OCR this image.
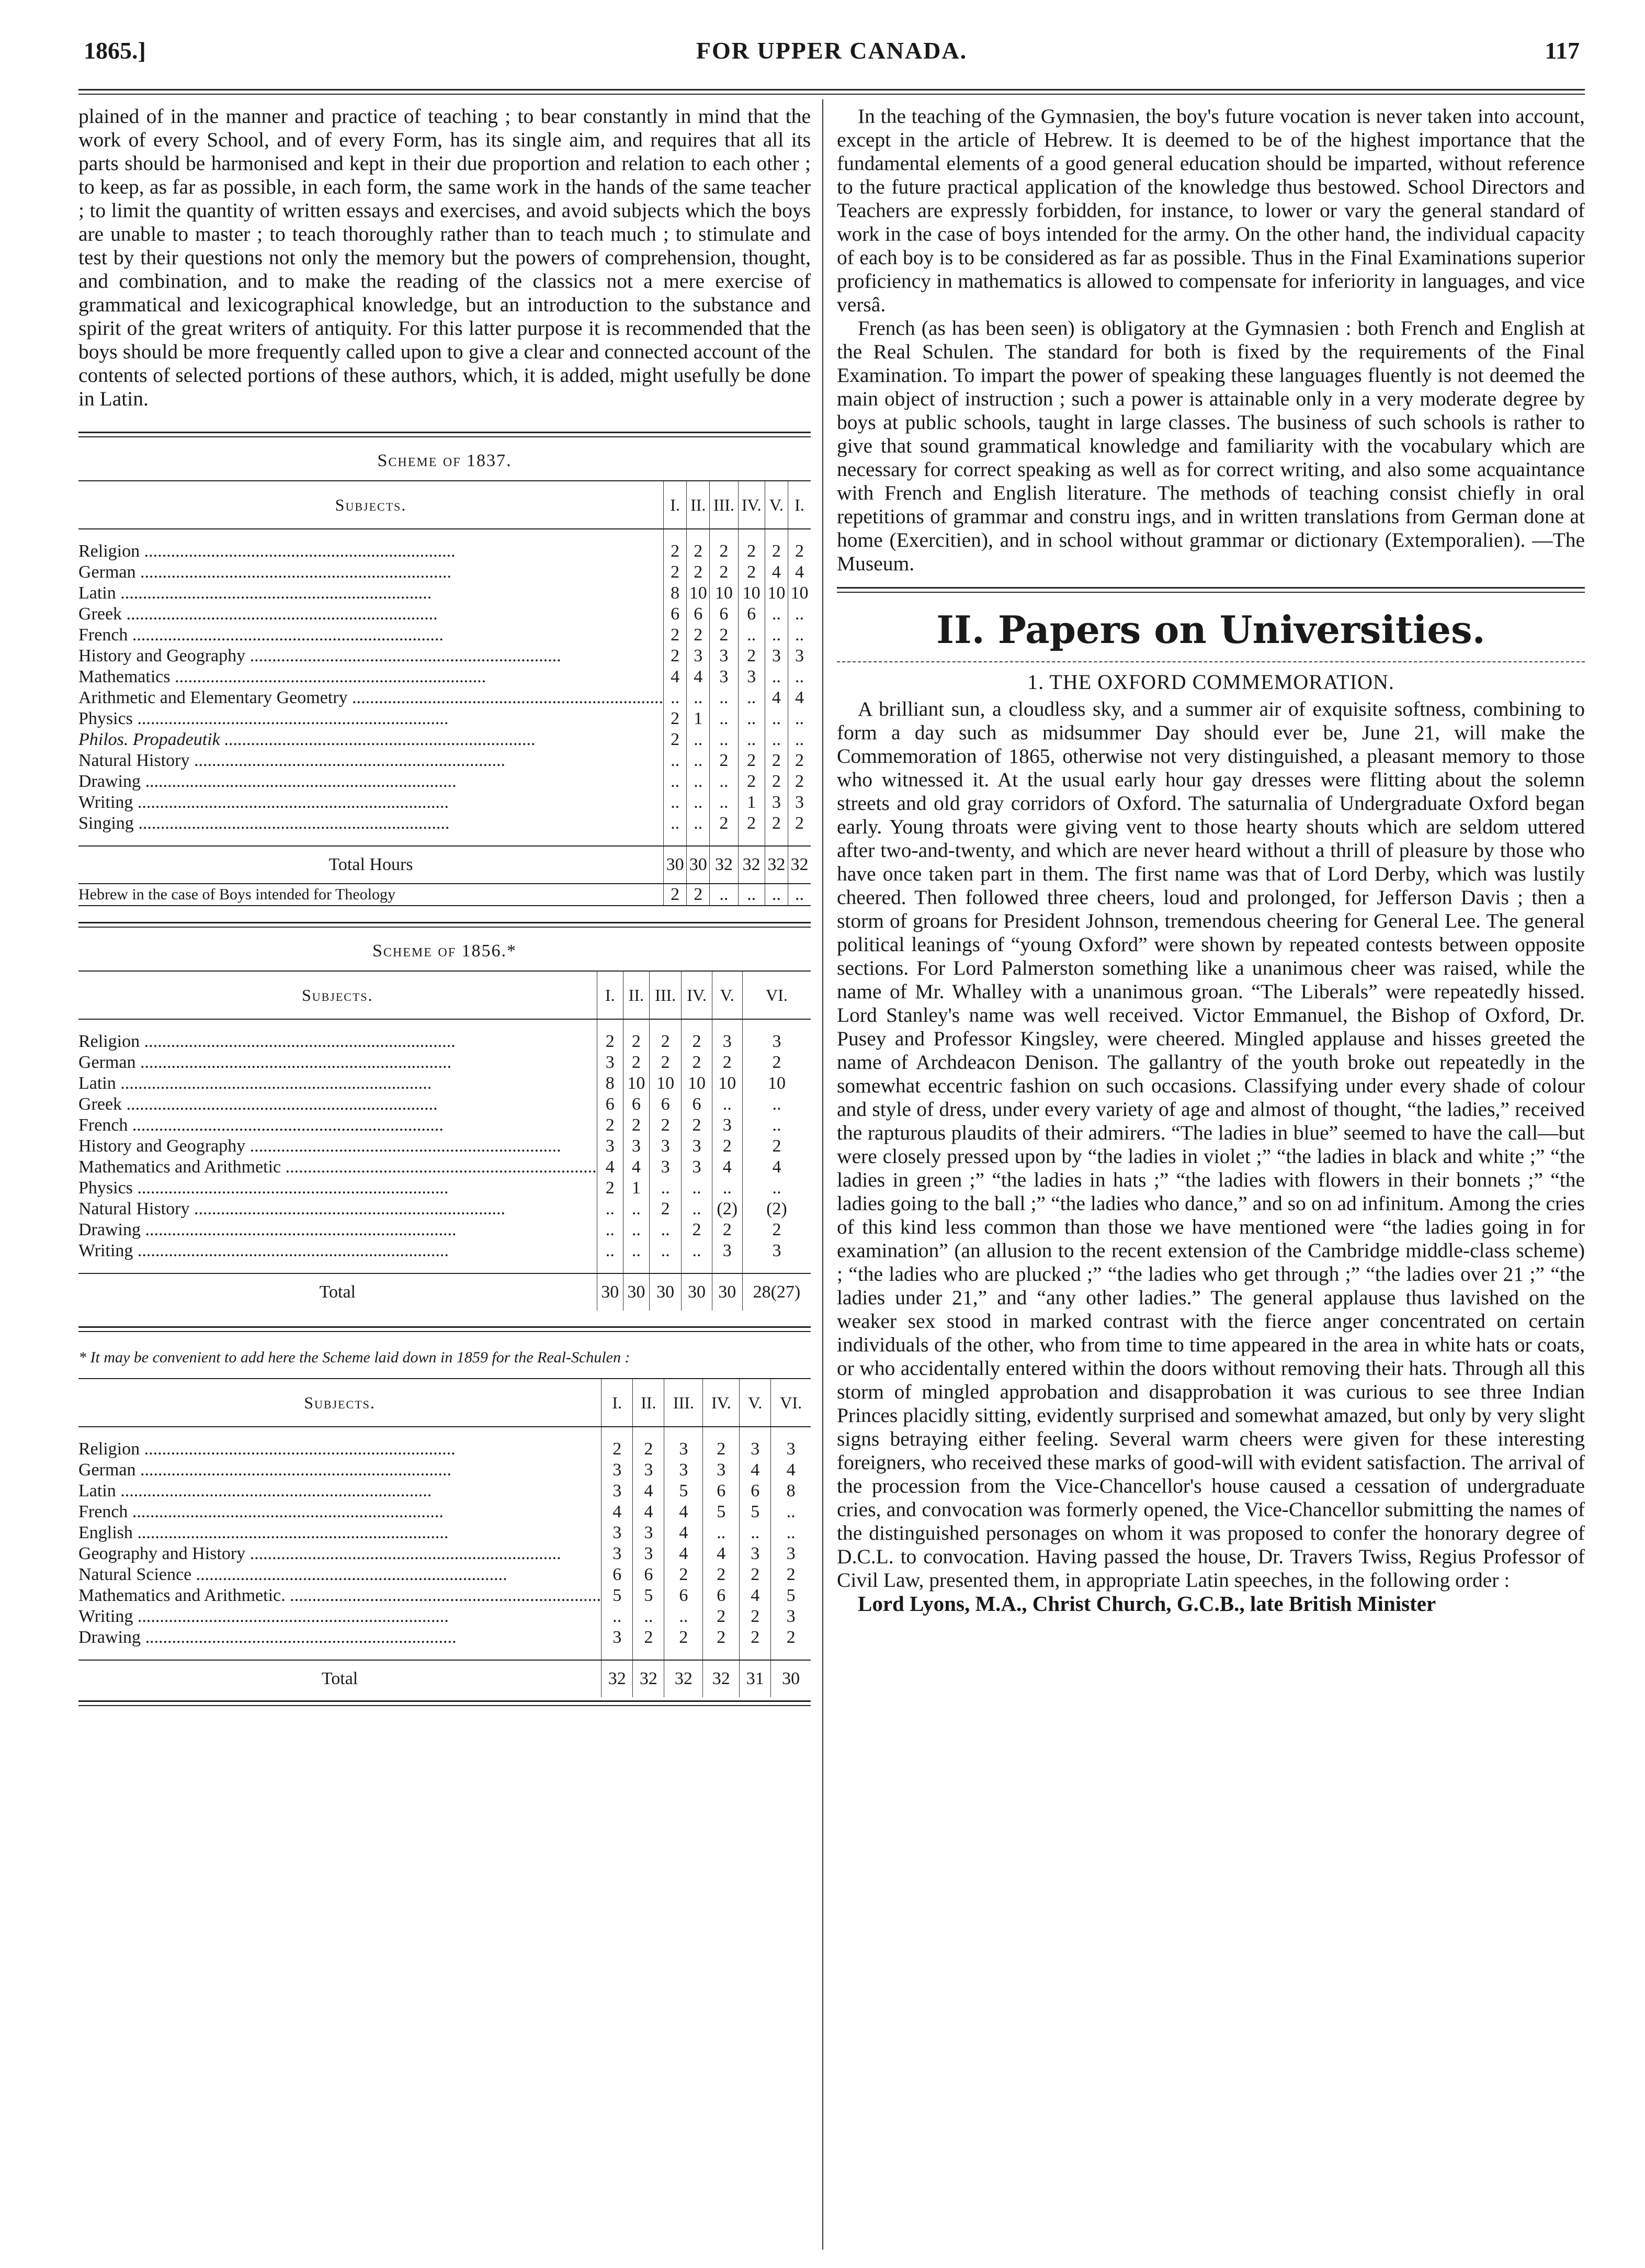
1865.]	FOR UPPER CANADA.	117

plained of in the manner and practice of teaching ; to bear constantly in mind that the work of every School, and of every Form, has its single aim, and requires that all its parts should be harmonised and kept in their due proportion and relation to each other ; to keep, as far as possible, in each form, the same work in the hands of the same teacher ; to limit the quantity of written essays and exercises, and avoid subjects which the boys are unable to master ; to teach thoroughly rather than to teach much ; to stimulate and test by their questions not only the memory but the powers of comprehension, thought, and combination, and to make the reading of the classics not a mere exercise of grammatical and lexicographical knowledge, but an introduction to the substance and spirit of the great writers of antiquity. For this latter purpose it is recommended that the boys should be more frequently called upon to give a clear and connected account of the contents of selected portions of these authors, which, it is added, might usefully be done in Latin.

Scheme of 1837.
Subjects.	I.	II.	III.	IV.	V.	I.

Religion .....	2	2	2	2	2	2
German .....	2	2	2	2	4	4
Latin .....	8	10	10	10	10	10
Greek .....	6	6	6	6	..	..
French .....	2	2	2	..	..	..
History and Geography .....	2	3	3	2	3	3
Mathematics .....	4	4	3	3	..	..
Arithmetic and Elementary Geometry .....	..	..	..	..	4	4
Physics .....	2	1	..	..	..	..
Philos. Propadeutik .....	2	..	..	..	..	..
Natural History .....	..	..	2	2	2	2
Drawing .....	..	..	..	2	2	2
Writing .....	..	..	..	1	3	3
Singing .....	..	..	2	2	2	2

Total Hours	30	30	32	32	32	32
Hebrew in the case of Boys intended for Theology	2	2	..	..	..	..
Scheme of 1856.*
Subjects.	I.	II.	III.	IV.	V.	VI.

Religion .....	2	2	2	2	3	3
German .....	3	2	2	2	2	2
Latin .....	8	10	10	10	10	10
Greek .....	6	6	6	6	..	..
French .....	2	2	2	2	3	..
History and Geography .....	3	3	3	3	2	2
Mathematics and Arithmetic .....	4	4	3	3	4	4
Physics .....	2	1	..	..	..	..
Natural History .....	..	..	2	..	(2)	(2)
Drawing .....	..	..	..	2	2	2
Writing .....	..	..	..	..	3	3

Total	30	30	30	30	30	28(27)
* It may be convenient to add here the Scheme laid down in 1859 for the Real-Schulen :
Subjects.	I.	II.	III.	IV.	V.	VI.

Religion .....	2	2	3	2	3	3
German .....	3	3	3	3	4	4
Latin .....	3	4	5	6	6	8
French .....	4	4	4	5	5	..
English .....	3	3	4	..	..	..
Geography and History .....	3	3	4	4	3	3
Natural Science .....	6	6	2	2	2	2
Mathematics and Arithmetic. .....	5	5	6	6	4	5
Writing .....	..	..	..	2	2	3
Drawing .....	3	2	2	2	2	2

Total	32	32	32	32	31	30

In the teaching of the Gymnasien, the boy's future vocation is never taken into account, except in the article of Hebrew. It is deemed to be of the highest importance that the fundamental elements of a good general education should be imparted, without reference to the future practical application of the knowledge thus bestowed. School Directors and Teachers are expressly forbidden, for instance, to lower or vary the general standard of work in the case of boys intended for the army. On the other hand, the individual capacity of each boy is to be considered as far as possible. Thus in the Final Examinations superior proficiency in mathematics is allowed to compensate for inferiority in languages, and vice versâ.

French (as has been seen) is obligatory at the Gymnasien : both French and English at the Real Schulen. The standard for both is fixed by the requirements of the Final Examination. To impart the power of speaking these languages fluently is not deemed the main object of instruction ; such a power is attainable only in a very moderate degree by boys at public schools, taught in large classes. The business of such schools is rather to give that sound grammatical knowledge and familiarity with the vocabulary which are necessary for correct speaking as well as for correct writing, and also some acquaintance with French and English literature. The methods of teaching consist chiefly in oral repetitions of grammar and constru ings, and in written translations from German done at home (Exercitien), and in school without grammar or dictionary (Extemporalien). —The Museum.

II. Papers on Universities.
1. THE OXFORD COMMEMORATION.

A brilliant sun, a cloudless sky, and a summer air of exquisite softness, combining to form a day such as midsummer Day should ever be, June 21, will make the Commemoration of 1865, otherwise not very distinguished, a pleasant memory to those who witnessed it. At the usual early hour gay dresses were flitting about the solemn streets and old gray corridors of Oxford. The saturnalia of Undergraduate Oxford began early. Young throats were giving vent to those hearty shouts which are seldom uttered after two-and-twenty, and which are never heard without a thrill of pleasure by those who have once taken part in them. The first name was that of Lord Derby, which was lustily cheered. Then followed three cheers, loud and prolonged, for Jefferson Davis ; then a storm of groans for President Johnson, tremendous cheering for General Lee. The general political leanings of “young Oxford” were shown by repeated contests between opposite sections. For Lord Palmerston something like a unanimous cheer was raised, while the name of Mr. Whalley with a unanimous groan. “The Liberals” were repeatedly hissed. Lord Stanley's name was well received. Victor Emmanuel, the Bishop of Oxford, Dr. Pusey and Professor Kingsley, were cheered. Mingled applause and hisses greeted the name of Archdeacon Denison. The gallantry of the youth broke out repeatedly in the somewhat eccentric fashion on such occasions. Classifying under every shade of colour and style of dress, under every variety of age and almost of thought, “the ladies,” received the rapturous plaudits of their admirers. “The ladies in blue” seemed to have the call—but were closely pressed upon by “the ladies in violet ;” “the ladies in black and white ;” “the ladies in green ;” “the ladies in hats ;” “the ladies with flowers in their bonnets ;” “the ladies going to the ball ;” “the ladies who dance,” and so on ad infinitum. Among the cries of this kind less common than those we have mentioned were “the ladies going in for examination” (an allusion to the recent extension of the Cambridge middle-class scheme) ; “the ladies who are plucked ;” “the ladies who get through ;” “the ladies over 21 ;” “the ladies under 21,” and “any other ladies.” The general applause thus lavished on the weaker sex stood in marked contrast with the fierce anger concentrated on certain individuals of the other, who from time to time appeared in the area in white hats or coats, or who accidentally entered within the doors without removing their hats. Through all this storm of mingled approbation and disapprobation it was curious to see three Indian Princes placidly sitting, evidently surprised and somewhat amazed, but only by very slight signs betraying either feeling. Several warm cheers were given for these interesting foreigners, who received these marks of good-will with evident satisfaction. The arrival of the procession from the Vice-Chancellor's house caused a cessation of undergraduate cries, and convocation was formerly opened, the Vice-Chancellor submitting the names of the distinguished personages on whom it was proposed to confer the honorary degree of D.C.L. to convocation. Having passed the house, Dr. Travers Twiss, Regius Professor of Civil Law, presented them, in appropriate Latin speeches, in the following order :

Lord Lyons, M.A., Christ Church, G.C.B., late British Minister
